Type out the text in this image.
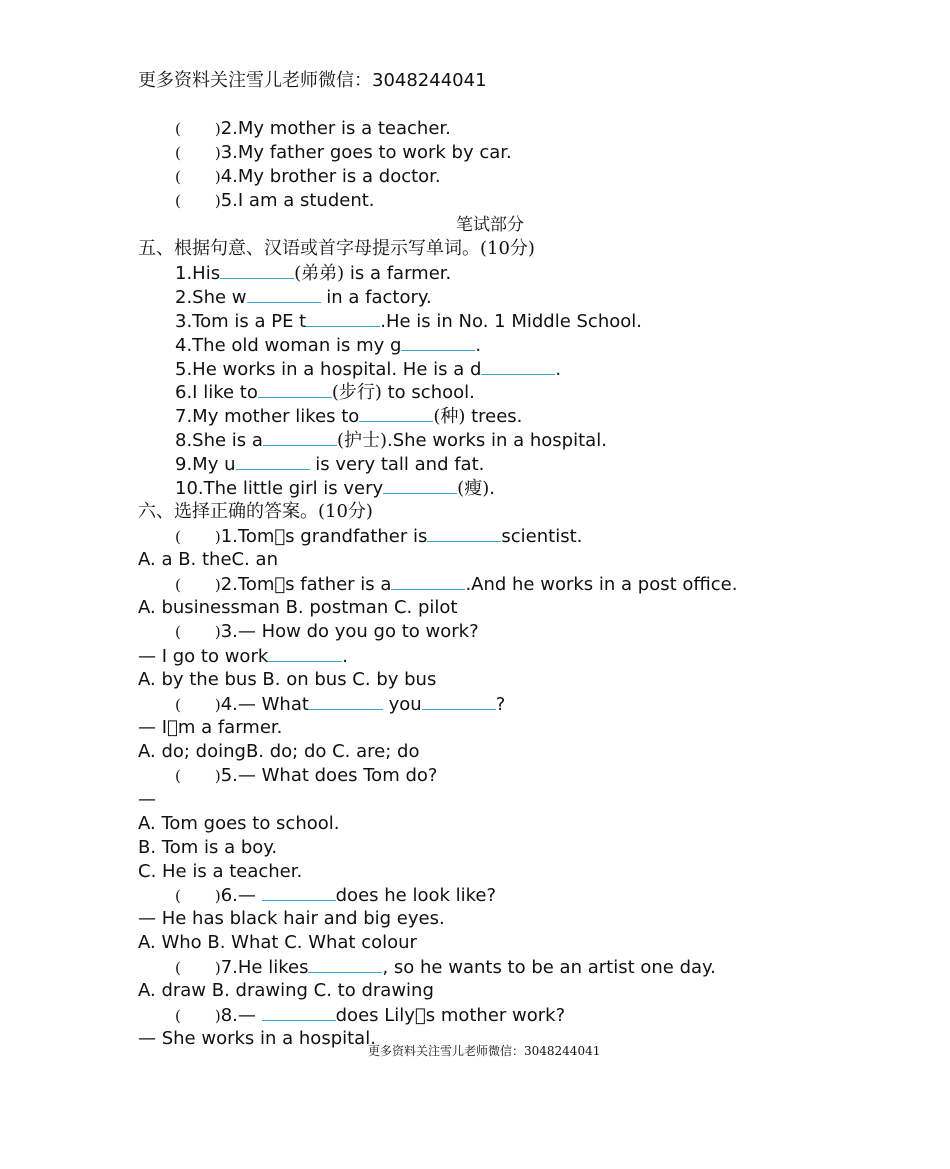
更多资料关注雪儿老师微信：3048244041
( )2.My mother is a teacher.
( )3.My father goes to work by car.
( )4.My brother is a doctor.
( )5.I am a student.
笔试部分
五、根据句意、汉语或首字母提示写单词。(10分)
1.His	(弟弟) is a farmer.
2.She w	in a factory.
3.Tom is a PE t	.He is in No. 1 Middle School.
4.The old woman is my g	.
5.He works in a hospital. He is a d	.
6.I like to	(步行) to school.
7.My mother likes to	(种) trees.
8.She is a	(护士).She works in a hospital.
9.My u	is very tall and fat.
10.The little girl is very	(瘦).
六、选择正确的答案。(10分)
( )1.Tom s grandfather is	scientist.
A. a B. theC. an
( )2.Tom s father is a	.And he works in a post office.
A. businessman B. postman C. pilot
( )3.— How do you go to work?
— I go to work	.
A. by the bus B. on bus C. by bus
( )4.— What	you	?
— I m a farmer.
A. do; doingB. do; do C. are; do
( )5.— What does Tom do?
—
A. Tom goes to school.
B. Tom is a boy.
C. He is a teacher.
( )6.—	does he look like?
— He has black hair and big eyes.
A. Who B. What C. What colour
( )7.He likes	, so he wants to be an artist one day.
A. draw B. drawing C. to drawing
( )8.—	does Lily s mother work?
— She works in a hospital.
更多资料关注雪儿老师微信：3048244041
